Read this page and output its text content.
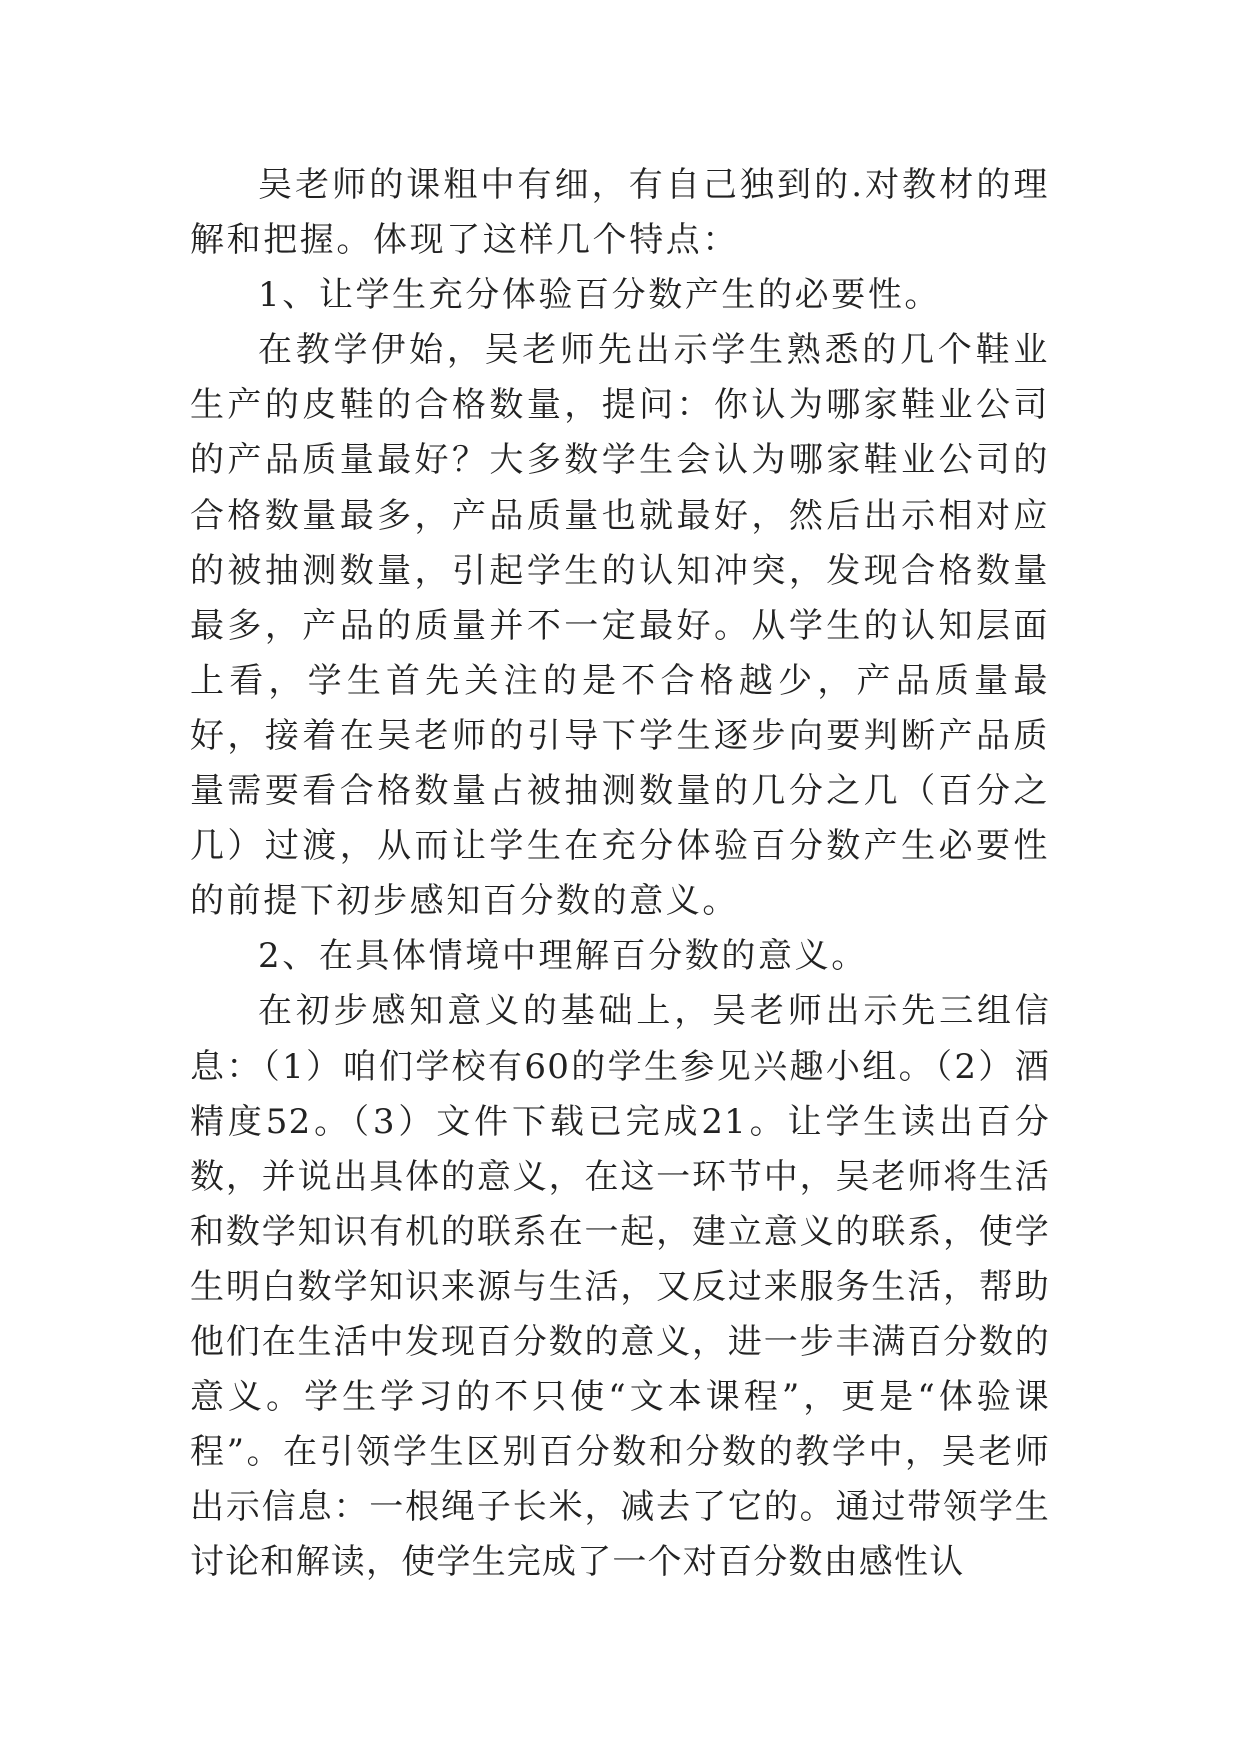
吴老师的课粗中有细，有自己独到的.对教材的理解和把握。体现了这样几个特点：

1、让学生充分体验百分数产生的必要性。

在教学伊始，吴老师先出示学生熟悉的几个鞋业生产的皮鞋的合格数量，提问：你认为哪家鞋业公司的产品质量最好？大多数学生会认为哪家鞋业公司的合格数量最多，产品质量也就最好，然后出示相对应的被抽测数量，引起学生的认知冲突，发现合格数量最多，产品的质量并不一定最好。从学生的认知层面上看，学生首先关注的是不合格越少，产品质量最好，接着在吴老师的引导下学生逐步向要判断产品质量需要看合格数量占被抽测数量的几分之几（百分之几）过渡，从而让学生在充分体验百分数产生必要性的前提下初步感知百分数的意义。

2、在具体情境中理解百分数的意义。

在初步感知意义的基础上，吴老师出示先三组信息：（1）咱们学校有60的学生参见兴趣小组。（2）酒精度52。（3）文件下载已完成21。让学生读出百分数，并说出具体的意义，在这一环节中，吴老师将生活和数学知识有机的联系在一起，建立意义的联系，使学生明白数学知识来源与生活，又反过来服务生活，帮助他们在生活中发现百分数的意义，进一步丰满百分数的意义。学生学习的不只使“文本课程”，更是“体验课程”。在引领学生区别百分数和分数的教学中，吴老师出示信息：一根绳子长米，减去了它的。通过带领学生讨论和解读，使学生完成了一个对百分数由感性认
